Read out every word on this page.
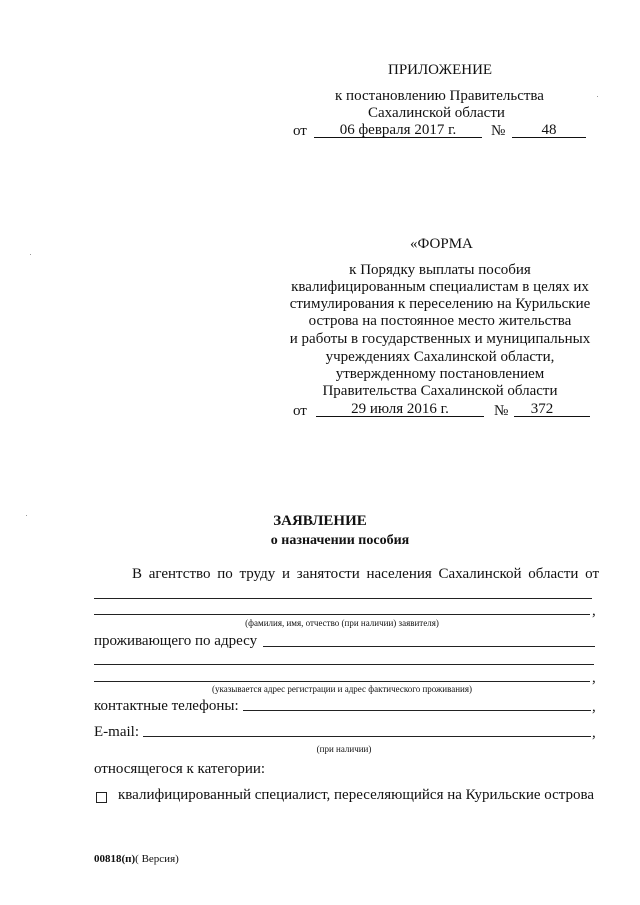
ПРИЛОЖЕНИЕ
к постановлению Правительства
Сахалинской области
от	06 февраля 2017 г.	№	48
«ФОРМА
к Порядку выплаты пособия
квалифицированным специалистам в целях их
стимулирования к переселению на Курильские
острова на постоянное место жительства
и работы в государственных и муниципальных
учреждениях Сахалинской области,
утвержденному постановлением
Правительства Сахалинской области
от	29 июля 2016 г.	№	372
ЗАЯВЛЕНИЕ
о назначении пособия
В агентство по труду и занятости населения Сахалинской области от
,
(фамилия, имя, отчество (при наличии) заявителя)
проживающего по адресу
,
(указывается адрес регистрации и адрес фактического проживания)
контактные телефоны:	,
E-mail:	,
(при наличии)
относящегося к категории:
квалифицированный специалист, переселяющийся на Курильские острова
00818(п)( Версия)
